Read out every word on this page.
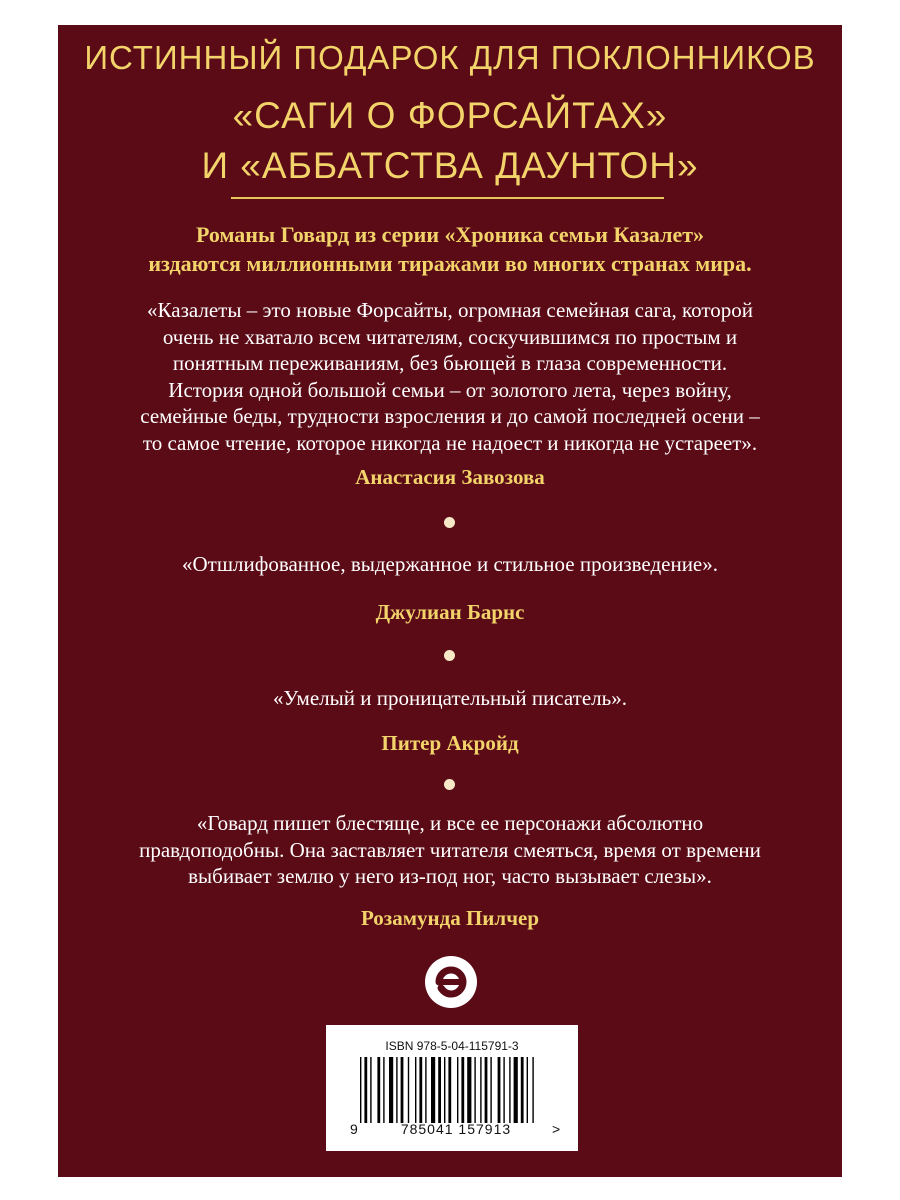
ИСТИННЫЙ ПОДАРОК ДЛЯ ПОКЛОННИКОВ
«САГИ О ФОРСАЙТАХ»
И «АББАТСТВА ДАУНТОН»
Романы Говард из серии «Хроника семьи Казалет»
издаются миллионными тиражами во многих странах мира.
«Казалеты – это новые Форсайты, огромная семейная сага, которой
очень не хватало всем читателям, соскучившимся по простым и
понятным переживаниям, без бьющей в глаза современности.
История одной большой семьи – от золотого лета, через войну,
семейные беды, трудности взросления и до самой последней осени –
то самое чтение, которое никогда не надоест и никогда не устареет».
Анастасия Завозова
«Отшлифованное, выдержанное и стильное произведение».
Джулиан Барнс
«Умелый и проницательный писатель».
Питер Акройд
«Говард пишет блестяще, и все ее персонажи абсолютно
правдоподобны. Она заставляет читателя смеяться, время от времени
выбивает землю у него из-под ног, часто вызывает слезы».
Розамунда Пилчер
ISBN 978-5-04-115791-3
9	785041 157913	>
